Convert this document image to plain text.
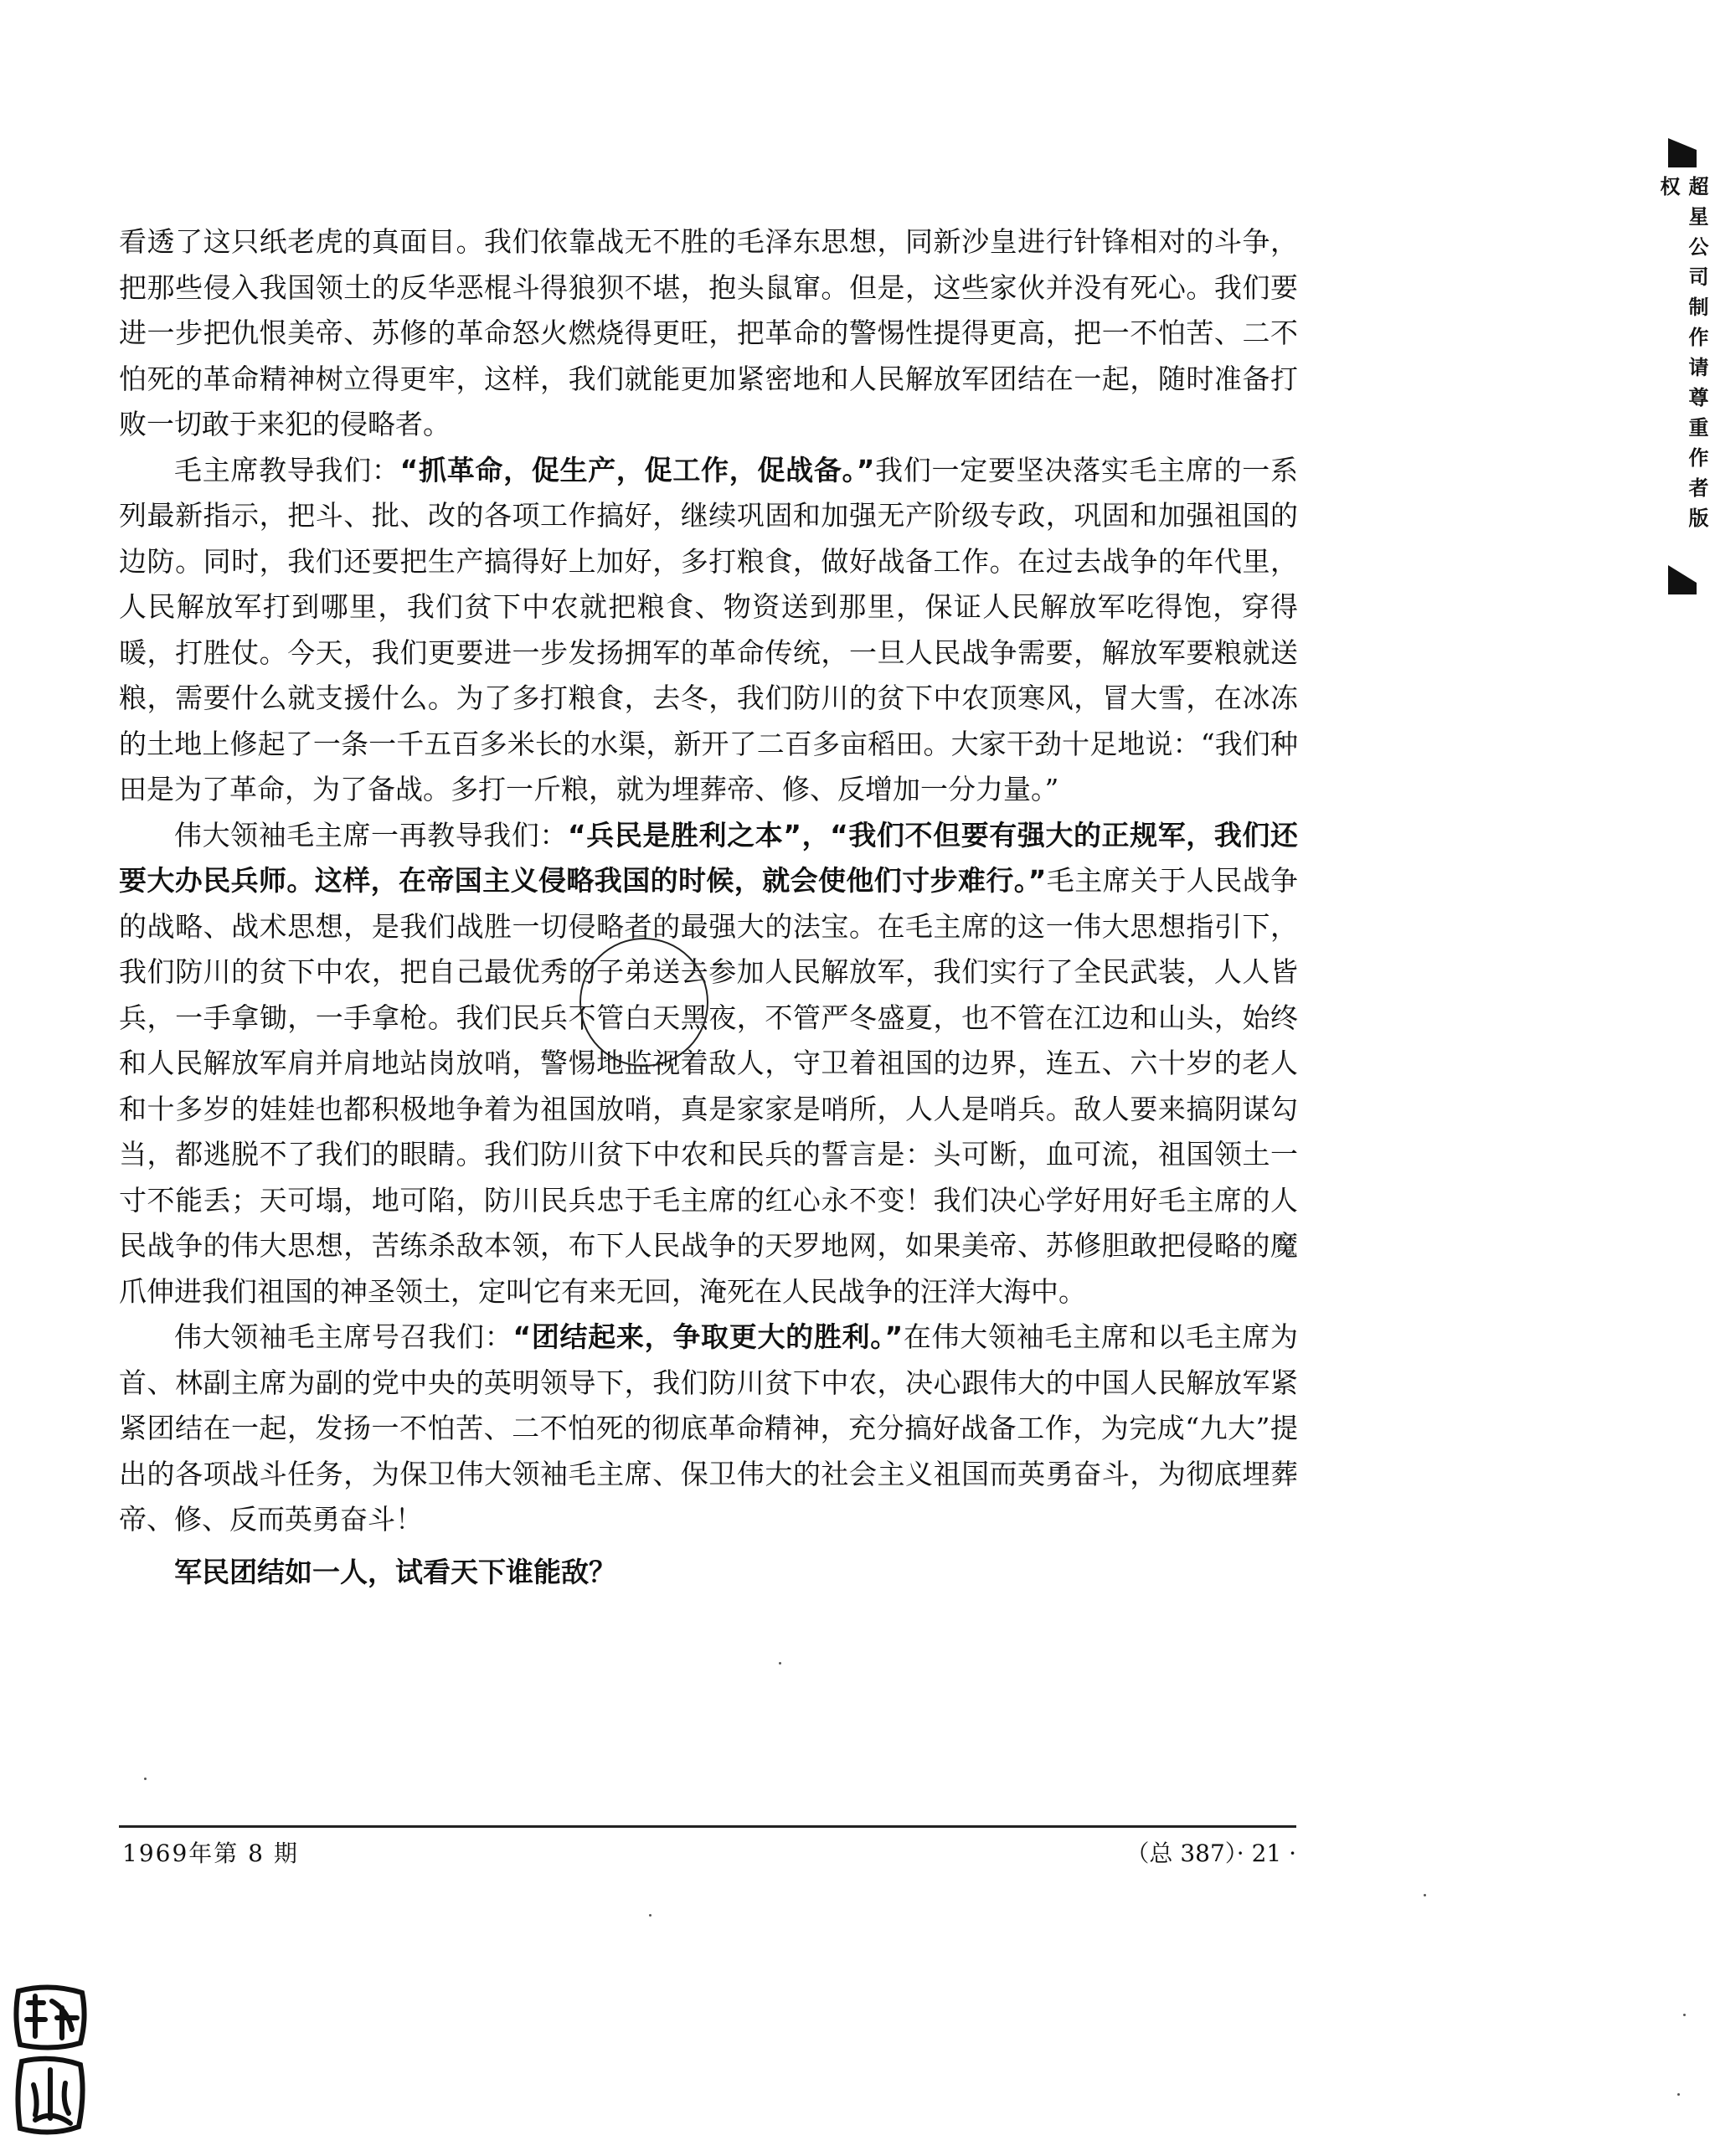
超星公司制作请尊重作者版权

看透了这只纸老虎的真面目。我们依靠战无不胜的毛泽东思想，同新沙皇进行针锋相对的斗争，把那些侵入我国领土的反华恶棍斗得狼狈不堪，抱头鼠窜。但是，这些家伙并没有死心。我们要进一步把仇恨美帝、苏修的革命怒火燃烧得更旺，把革命的警惕性提得更高，把一不怕苦、二不怕死的革命精神树立得更牢，这样，我们就能更加紧密地和人民解放军团结在一起，随时准备打败一切敢于来犯的侵略者。

毛主席教导我们：“抓革命，促生产，促工作，促战备。”我们一定要坚决落实毛主席的一系列最新指示，把斗、批、改的各项工作搞好，继续巩固和加强无产阶级专政，巩固和加强祖国的边防。同时，我们还要把生产搞得好上加好，多打粮食，做好战备工作。在过去战争的年代里，人民解放军打到哪里，我们贫下中农就把粮食、物资送到那里，保证人民解放军吃得饱，穿得暖，打胜仗。今天，我们更要进一步发扬拥军的革命传统，一旦人民战争需要，解放军要粮就送粮，需要什么就支援什么。为了多打粮食，去冬，我们防川的贫下中农顶寒风，冒大雪，在冰冻的土地上修起了一条一千五百多米长的水渠，新开了二百多亩稻田。大家干劲十足地说：“我们种田是为了革命，为了备战。多打一斤粮，就为埋葬帝、修、反增加一分力量。”

伟大领袖毛主席一再教导我们：“兵民是胜利之本”，“我们不但要有强大的正规军，我们还要大办民兵师。这样，在帝国主义侵略我国的时候，就会使他们寸步难行。”毛主席关于人民战争的战略、战术思想，是我们战胜一切侵略者的最强大的法宝。在毛主席的这一伟大思想指引下，我们防川的贫下中农，把自己最优秀的子弟送去参加人民解放军，我们实行了全民武装，人人皆兵，一手拿锄，一手拿枪。我们民兵不管白天黑夜，不管严冬盛夏，也不管在江边和山头，始终和人民解放军肩并肩地站岗放哨，警惕地监视着敌人，守卫着祖国的边界，连五、六十岁的老人和十多岁的娃娃也都积极地争着为祖国放哨，真是家家是哨所，人人是哨兵。敌人要来搞阴谋勾当，都逃脱不了我们的眼睛。我们防川贫下中农和民兵的誓言是：头可断，血可流，祖国领土一寸不能丢；天可塌，地可陷，防川民兵忠于毛主席的红心永不变！我们决心学好用好毛主席的人民战争的伟大思想，苦练杀敌本领，布下人民战争的天罗地网，如果美帝、苏修胆敢把侵略的魔爪伸进我们祖国的神圣领土，定叫它有来无回，淹死在人民战争的汪洋大海中。

伟大领袖毛主席号召我们：“团结起来，争取更大的胜利。”在伟大领袖毛主席和以毛主席为首、林副主席为副的党中央的英明领导下，我们防川贫下中农，决心跟伟大的中国人民解放军紧紧团结在一起，发扬一不怕苦、二不怕死的彻底革命精神，充分搞好战备工作，为完成“九大”提出的各项战斗任务，为保卫伟大领袖毛主席、保卫伟大的社会主义祖国而英勇奋斗，为彻底埋葬帝、修、反而英勇奋斗！

军民团结如一人，试看天下谁能敌？

1969年第 8 期	（总 387）· 21 ·
